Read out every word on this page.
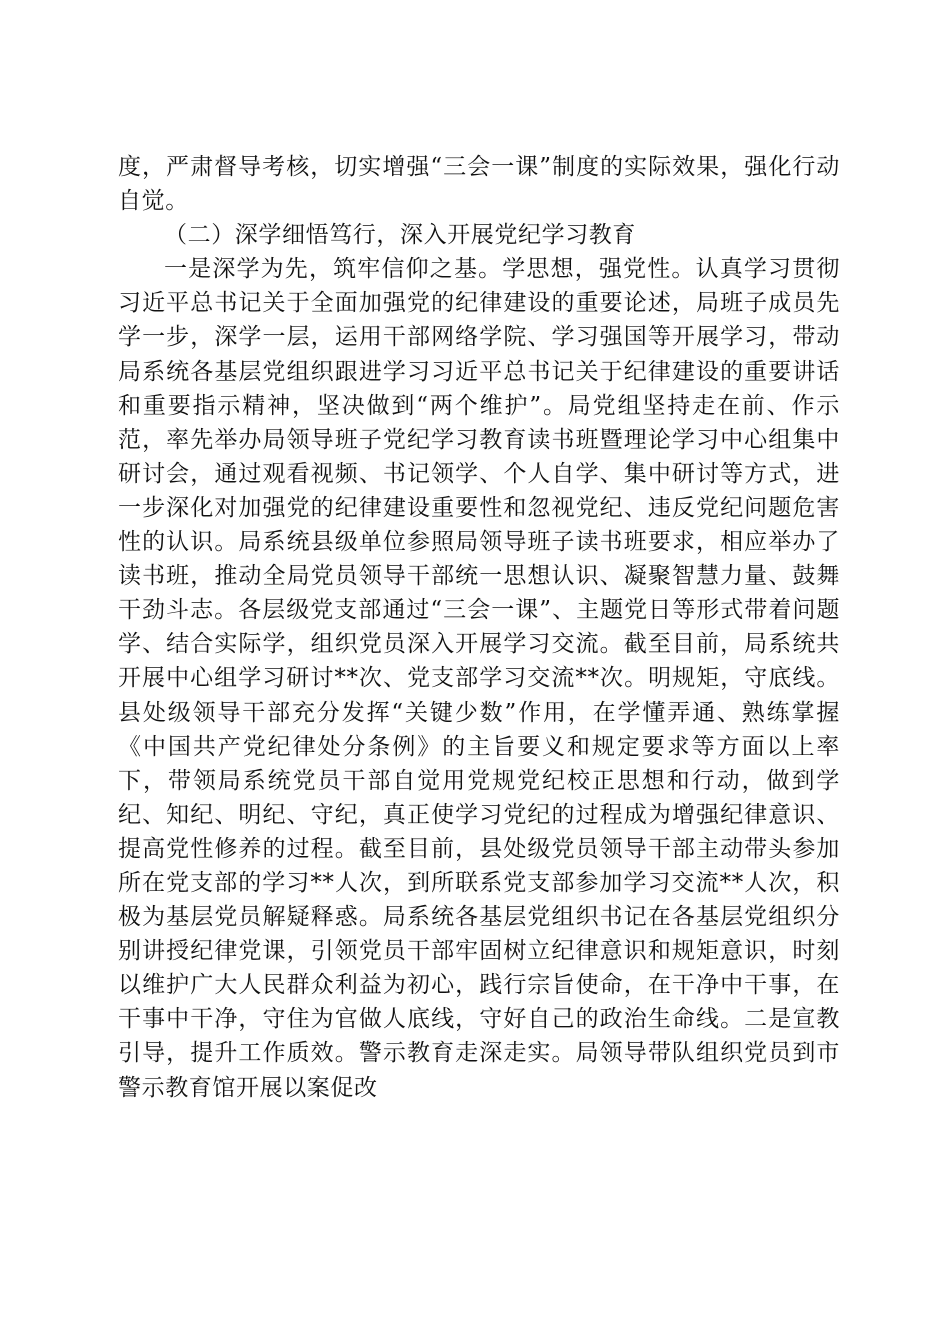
度，严肃督导考核，切实增强“三会一课”制度的实际效果，强化行动自觉。

（二）深学细悟笃行，深入开展党纪学习教育

一是深学为先，筑牢信仰之基。学思想，强党性。认真学习贯彻习近平总书记关于全面加强党的纪律建设的重要论述，局班子成员先学一步，深学一层，运用干部网络学院、学习强国等开展学习，带动局系统各基层党组织跟进学习习近平总书记关于纪律建设的重要讲话和重要指示精神，坚决做到“两个维护”。局党组坚持走在前、作示范，率先举办局领导班子党纪学习教育读书班暨理论学习中心组集中研讨会，通过观看视频、书记领学、个人自学、集中研讨等方式，进一步深化对加强党的纪律建设重要性和忽视党纪、违反党纪问题危害性的认识。局系统县级单位参照局领导班子读书班要求，相应举办了读书班，推动全局党员领导干部统一思想认识、凝聚智慧力量、鼓舞干劲斗志。各层级党支部通过“三会一课”、主题党日等形式带着问题学、结合实际学，组织党员深入开展学习交流。截至目前，局系统共开展中心组学习研讨**次、党支部学习交流**次。明规矩，守底线。县处级领导干部充分发挥“关键少数”作用，在学懂弄通、熟练掌握《中国共产党纪律处分条例》的主旨要义和规定要求等方面以上率下，带领局系统党员干部自觉用党规党纪校正思想和行动，做到学纪、知纪、明纪、守纪，真正使学习党纪的过程成为增强纪律意识、提高党性修养的过程。截至目前，县处级党员领导干部主动带头参加所在党支部的学习**人次，到所联系党支部参加学习交流**人次，积极为基层党员解疑释惑。局系统各基层党组织书记在各基层党组织分别讲授纪律党课，引领党员干部牢固树立纪律意识和规矩意识，时刻以维护广大人民群众利益为初心，践行宗旨使命，在干净中干事，在干事中干净，守住为官做人底线，守好自己的政治生命线。二是宣教引导，提升工作质效。警示教育走深走实。局领导带队组织党员到市警示教育馆开展以案促改
